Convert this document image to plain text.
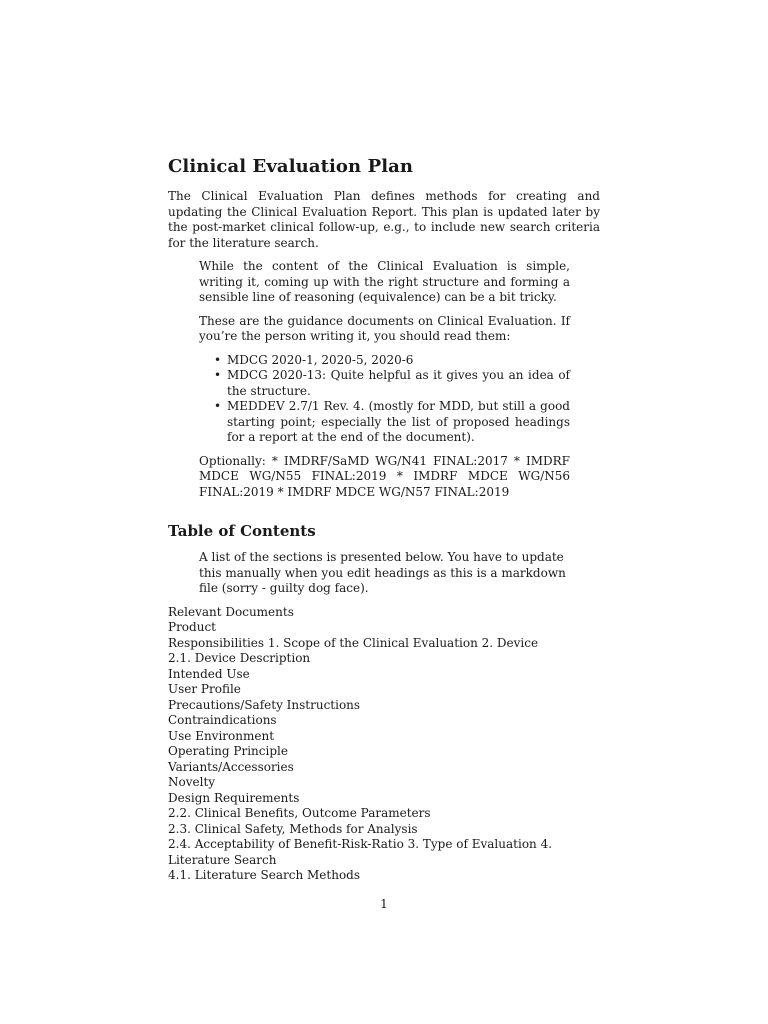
Clinical Evaluation Plan

The Clinical Evaluation Plan defines methods for creating and updating the Clinical Evaluation Report. This plan is updated later by the post-market clinical follow-up, e.g., to include new search criteria for the literature search.

While the content of the Clinical Evaluation is simple, writing it, coming up with the right structure and forming a sensible line of reasoning (equivalence) can be a bit tricky.

These are the guidance documents on Clinical Evaluation. If you’re the person writing it, you should read them:

• MDCG 2020-1, 2020-5, 2020-6
• MDCG 2020-13: Quite helpful as it gives you an idea of the structure.
• MEDDEV 2.7/1 Rev. 4. (mostly for MDD, but still a good starting point; especially the list of proposed headings for a report at the end of the document).

Optionally: * IMDRF/SaMD WG/N41 FINAL:2017 * IMDRF MDCE WG/N55 FINAL:2019 * IMDRF MDCE WG/N56 FINAL:2019 * IMDRF MDCE WG/N57 FINAL:2019

Table of Contents

A list of the sections is presented below. You have to update this manually when you edit headings as this is a markdown file (sorry - guilty dog face).

Relevant Documents

Product

Responsibilities 1. Scope of the Clinical Evaluation 2. Device

2.1. Device Description

Intended Use

User Profile

Precautions/Safety Instructions

Contraindications

Use Environment

Operating Principle

Variants/Accessories

Novelty

Design Requirements

2.2. Clinical Benefits, Outcome Parameters

2.3. Clinical Safety, Methods for Analysis

2.4. Acceptability of Benefit-Risk-Ratio 3. Type of Evaluation 4. Literature Search

4.1. Literature Search Methods

1
